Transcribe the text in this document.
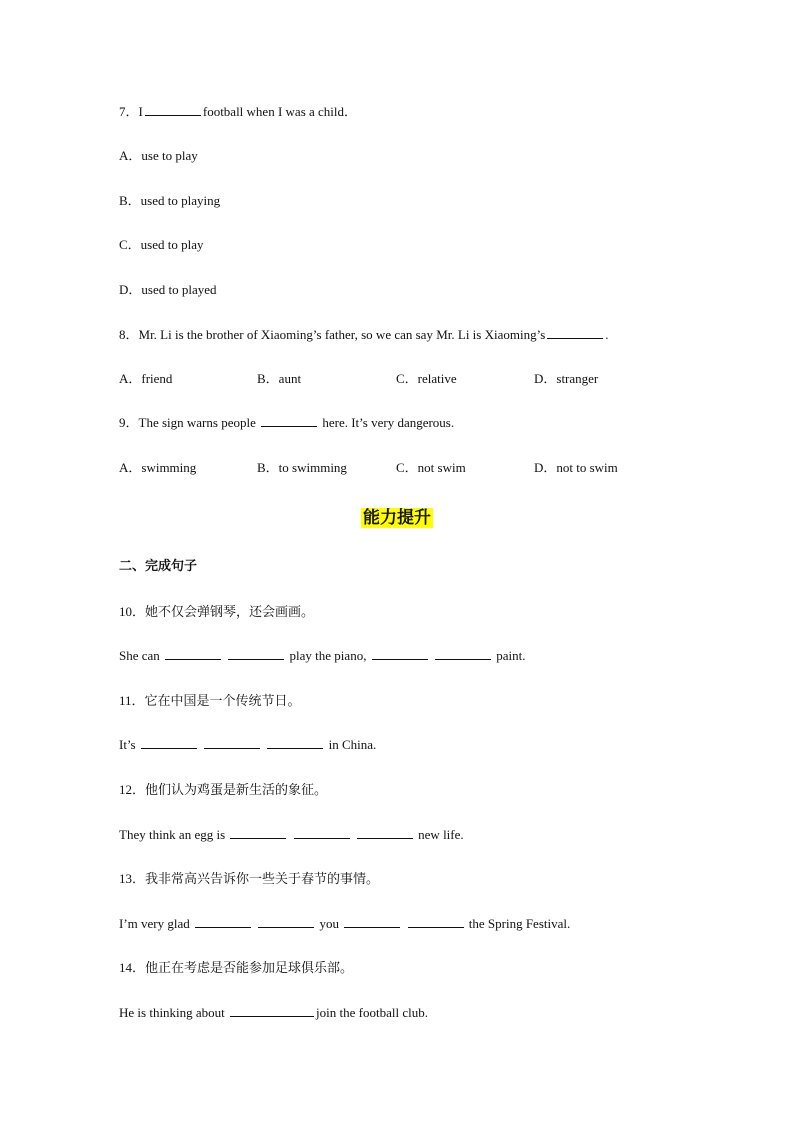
7．I	football when I was a child．
A．use to play
B．used to playing
C．used to play
D．used to played
8．Mr. Li is the brother of Xiaoming’s father, so we can say Mr. Li is Xiaoming’s	.
A．friend	B．aunt	C．relative	D．stranger
9．The sign warns people	here. It’s very dangerous.
A．swimming	B．to swimming	C．not swim	D．not to swim
能力提升
二、完成句子
10．她不仅会弹钢琴，还会画画。
She can	play the piano,	paint.
11．它在中国是一个传统节日。
It’s	in China.
12．他们认为鸡蛋是新生活的象征。
They think an egg is	new life.
13．我非常高兴告诉你一些关于春节的事情。
I’m very glad	you	the Spring Festival.
14．他正在考虑是否能参加足球俱乐部。
He is thinking about	join the football club.
